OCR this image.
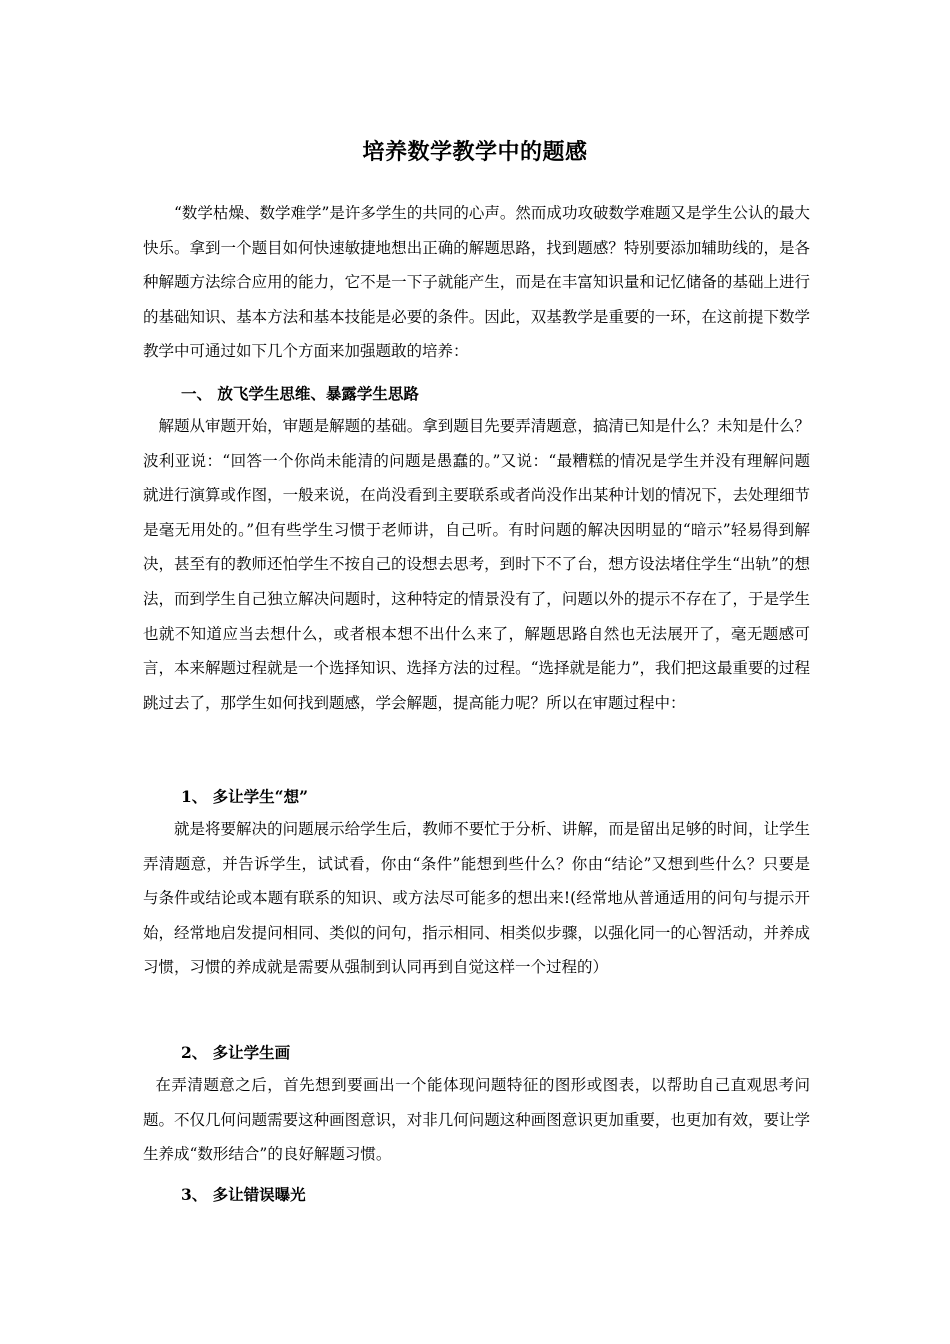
培养数学教学中的题感

“数学枯燥、数学难学”是许多学生的共同的心声。然而成功攻破数学难题又是学生公认的最大快乐。拿到一个题目如何快速敏捷地想出正确的解题思路，找到题感？特别要添加辅助线的，是各种解题方法综合应用的能力，它不是一下子就能产生，而是在丰富知识量和记忆储备的基础上进行的基础知识、基本方法和基本技能是必要的条件。因此，双基教学是重要的一环，在这前提下数学教学中可通过如下几个方面来加强题敢的培养：

一、 放飞学生思维、暴露学生思路

解题从审题开始，审题是解题的基础。拿到题目先要弄清题意，搞清已知是什么？未知是什么？波利亚说：“回答一个你尚未能清的问题是愚蠢的。”又说：“最糟糕的情况是学生并没有理解问题就进行演算或作图，一般来说，在尚没看到主要联系或者尚没作出某种计划的情况下，去处理细节是毫无用处的。”但有些学生习惯于老师讲，自己听。有时问题的解决因明显的“暗示”轻易得到解决，甚至有的教师还怕学生不按自己的设想去思考，到时下不了台，想方设法堵住学生“出轨”的想法，而到学生自己独立解决问题时，这种特定的情景没有了，问题以外的提示不存在了，于是学生也就不知道应当去想什么，或者根本想不出什么来了，解题思路自然也无法展开了，毫无题感可言，本来解题过程就是一个选择知识、选择方法的过程。“选择就是能力”，我们把这最重要的过程跳过去了，那学生如何找到题感，学会解题，提高能力呢？所以在审题过程中：

1、 多让学生“想”

就是将要解决的问题展示给学生后，教师不要忙于分析、讲解，而是留出足够的时间，让学生弄清题意，并告诉学生，试试看，你由“条件”能想到些什么？你由“结论”又想到些什么？只要是与条件或结论或本题有联系的知识、或方法尽可能多的想出来!(经常地从普通适用的问句与提示开始，经常地启发提问相同、类似的问句，指示相同、相类似步骤，以强化同一的心智活动，并养成习惯，习惯的养成就是需要从强制到认同再到自觉这样一个过程的）

2、 多让学生画

在弄清题意之后，首先想到要画出一个能体现问题特征的图形或图表，以帮助自己直观思考问题。不仅几何问题需要这种画图意识，对非几何问题这种画图意识更加重要，也更加有效，要让学生养成“数形结合”的良好解题习惯。

3、 多让错误曝光
